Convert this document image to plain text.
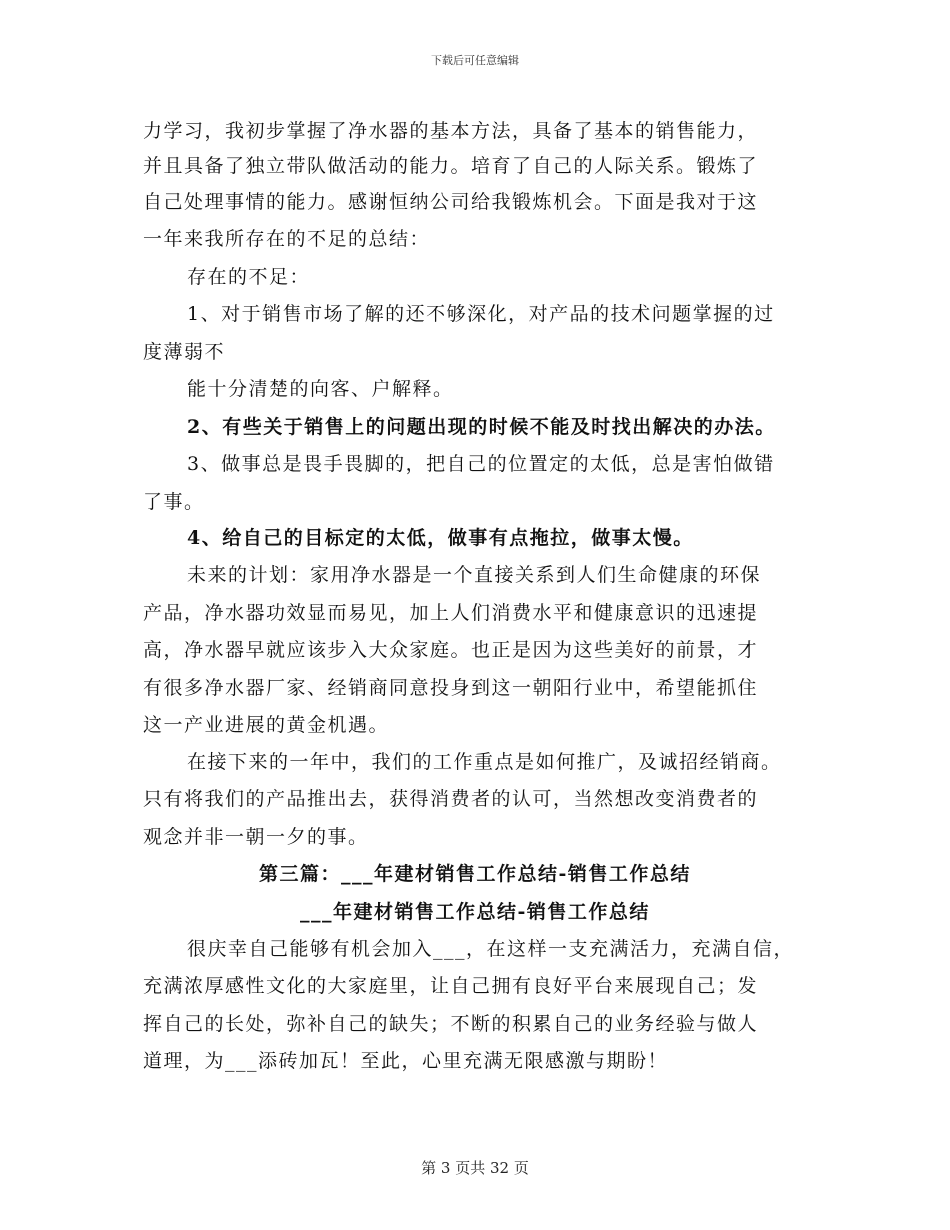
下载后可任意编辑
力学习，我初步掌握了净水器的基本方法，具备了基本的销售能力，
并且具备了独立带队做活动的能力。培育了自己的人际关系。锻炼了
自己处理事情的能力。感谢恒纳公司给我锻炼机会。下面是我对于这
一年来我所存在的不足的总结：
存在的不足：
1、对于销售市场了解的还不够深化，对产品的技术问题掌握的过
度薄弱不
能十分清楚的向客、户解释。
2、有些关于销售上的问题出现的时候不能及时找出解决的办法。
3、做事总是畏手畏脚的，把自己的位置定的太低，总是害怕做错
了事。
4、给自己的目标定的太低，做事有点拖拉，做事太慢。
未来的计划：家用净水器是一个直接关系到人们生命健康的环保
产品，净水器功效显而易见，加上人们消费水平和健康意识的迅速提
高，净水器早就应该步入大众家庭。也正是因为这些美好的前景，才
有很多净水器厂家、经销商同意投身到这一朝阳行业中，希望能抓住
这一产业进展的黄金机遇。
在接下来的一年中，我们的工作重点是如何推广，及诚招经销商。
只有将我们的产品推出去，获得消费者的认可，当然想改变消费者的
观念并非一朝一夕的事。
第三篇：___年建材销售工作总结-销售工作总结
___年建材销售工作总结-销售工作总结
很庆幸自己能够有机会加入___，在这样一支充满活力，充满自信，
充满浓厚感性文化的大家庭里，让自己拥有良好平台来展现自己；发
挥自己的长处，弥补自己的缺失；不断的积累自己的业务经验与做人
道理，为___添砖加瓦！至此，心里充满无限感激与期盼！
第 3 页共 32 页
